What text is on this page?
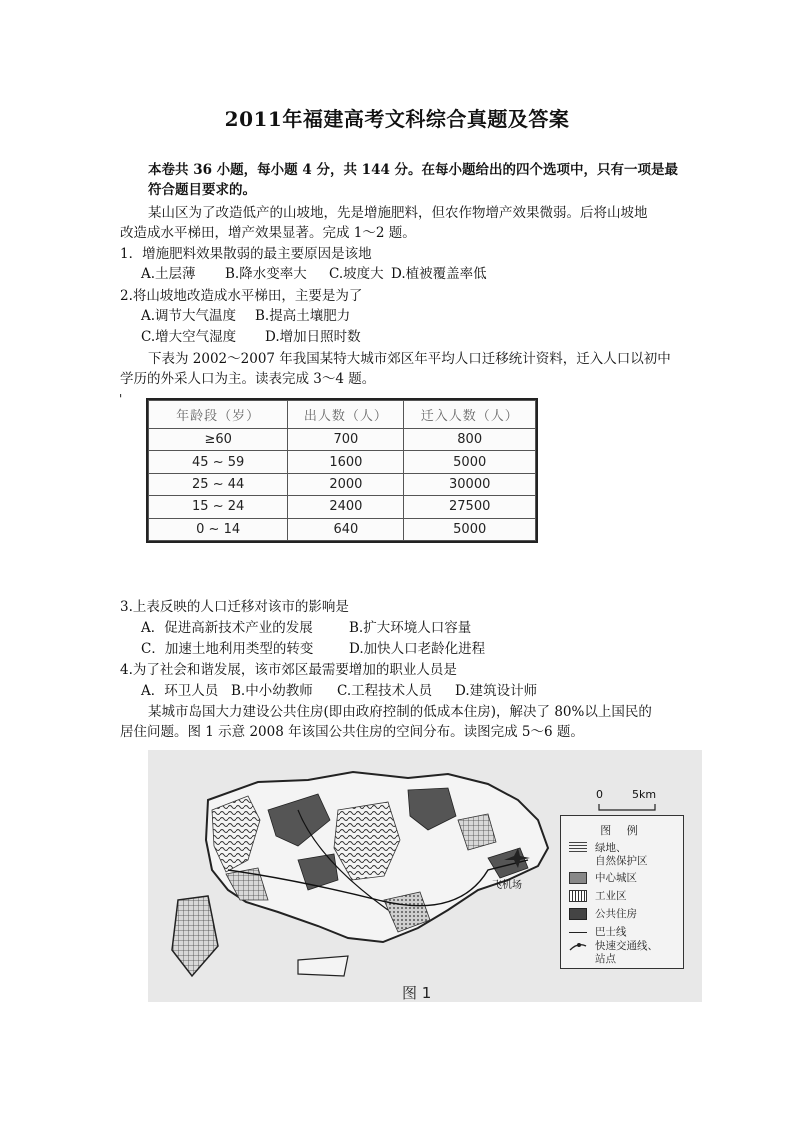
2011年福建高考文科综合真题及答案
本卷共 36 小题，每小题 4 分，共 144 分。在每小题给出的四个选项中，只有一项是最
符合题目要求的。
某山区为了改造低产的山坡地，先是增施肥料，但农作物增产效果微弱。后将山坡地
改造成水平梯田，增产效果显著。完成 1～2 题。
1．增施肥料效果散弱的最主要原因是该地
A.土层薄 B.降水变率大 C.坡度大 D.植被覆盖率低
2.将山坡地改造成水平梯田，主要是为了
A.调节大气温度 B.提高土壤肥力
C.增大空气湿度 D.增加日照时数
下表为 2002～2007 年我国某特大城市郊区年平均人口迁移统计资料，迁入人口以初中
学历的外采人口为主。读表完成 3～4 题。
'
年龄段（岁）	出人数（人）	迁入人数（人）
≥60	700	800
45 ~ 59	1600	5000
25 ~ 44	2000	30000
15 ~ 24	2400	27500
0 ~ 14	640	5000
3.上表反映的人口迁移对该市的影响是
A．促进高新技术产业的发展	B.扩大环境人口容量
C．加速土地利用类型的转变	D.加快人口老龄化进程
4.为了社会和谐发展，该市郊区最需要增加的职业人员是
A．环卫人员 B.中小幼教师 C.工程技术人员 D.建筑设计师
某城市岛国大力建设公共住房(即由政府控制的低成本住房)，解决了 80%以上国民的
居住问题。图 1 示意 2008 年该国公共住房的空间分布。读图完成 5～6 题。
0	5km
飞机场
图 例
绿地、
自然保护区
中心城区
工业区
公共住房
巴士线
快速交通线、
站点
图 1
